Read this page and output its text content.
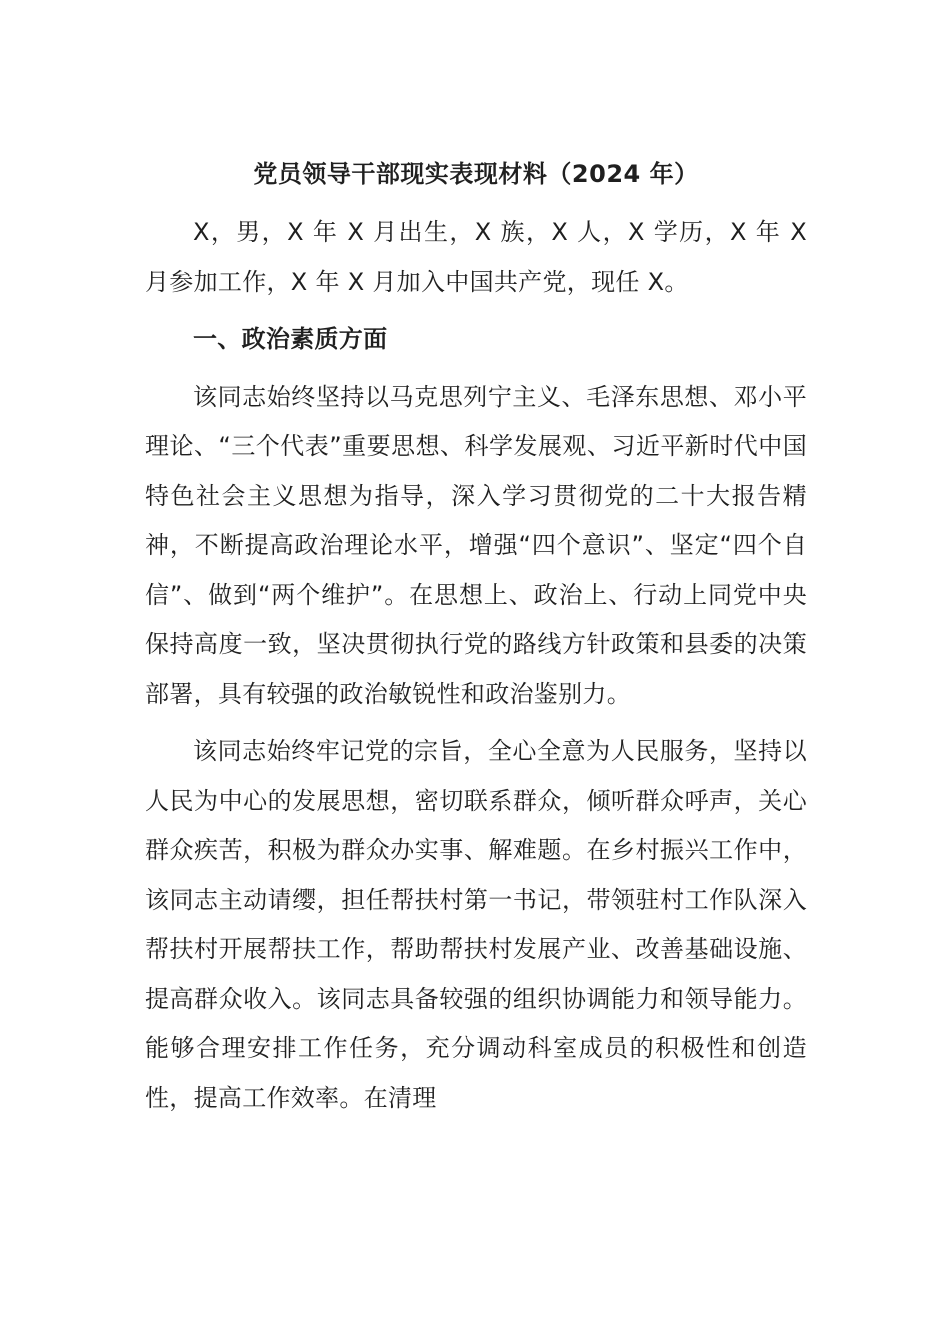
党员领导干部现实表现材料（2024 年）

X，男，X 年 X 月出生，X 族，X 人，X 学历，X 年 X 月参加工作，X 年 X 月加入中国共产党，现任 X。

一、政治素质方面

该同志始终坚持以马克思列宁主义、毛泽东思想、邓小平理论、“三个代表”重要思想、科学发展观、习近平新时代中国特色社会主义思想为指导，深入学习贯彻党的二十大报告精神，不断提高政治理论水平，增强“四个意识”、坚定“四个自信”、做到“两个维护”。在思想上、政治上、行动上同党中央保持高度一致，坚决贯彻执行党的路线方针政策和县委的决策部署，具有较强的政治敏锐性和政治鉴别力。

该同志始终牢记党的宗旨，全心全意为人民服务，坚持以人民为中心的发展思想，密切联系群众，倾听群众呼声，关心群众疾苦，积极为群众办实事、解难题。在乡村振兴工作中，该同志主动请缨，担任帮扶村第一书记，带领驻村工作队深入帮扶村开展帮扶工作，帮助帮扶村发展产业、改善基础设施、提高群众收入。该同志具备较强的组织协调能力和领导能力。能够合理安排工作任务，充分调动科室成员的积极性和创造性，提高工作效率。在清理
